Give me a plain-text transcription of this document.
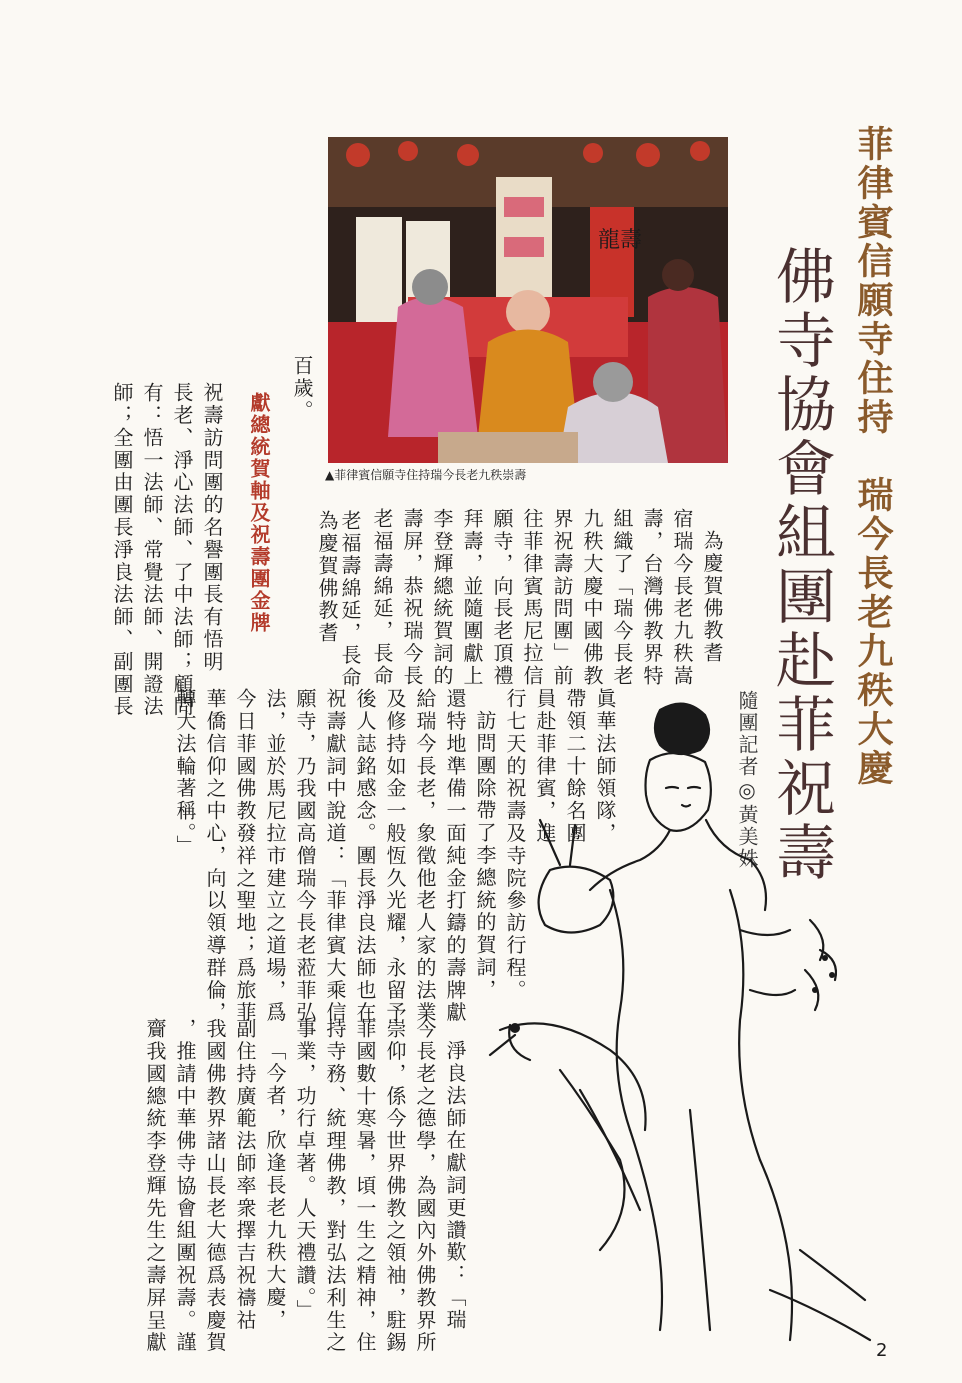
菲律賓信願寺住持　瑞今長老九秩大慶
佛寺協會組團赴菲祝壽
隨團記者◎黃美姝
龍壽
▲菲律賓信願寺住持瑞今長老九秩崇壽
為慶賀佛教耆 老福壽綿延，長命	為慶賀佛教耆
宿瑞今長老九秩嵩
壽，台灣佛教界特
組織了「瑞今長老
九秩大慶中國佛教
界祝壽訪問團」前
往菲律賓馬尼拉信
願寺，向長老頂禮
拜壽，並隨團獻上
李登輝總統賀詞的
壽屏，恭祝瑞今長
老福壽綿延，長命
百歲。
獻總統賀軸及祝壽團金牌
祝壽訪問團的名譽團長有悟明
長老、淨心法師、了中法師；顧問
有：悟一法師、常覺法師、開證法
師；全團由團長淨良法師、副團長
眞華法師領隊，
帶領二十餘名團
員赴菲律賓，進
行七天的祝壽及寺院參訪行程。
訪問團除帶了李總統的賀詞，
還特地準備一面純金打鑄的壽牌獻
給瑞今長老，象徵他老人家的法業
及修持如金一般恆久光耀，永留予
後人誌銘感念。團長淨良法師也在
祝壽獻詞中說道：「菲律賓大乘信
願寺，乃我國高僧瑞今長老蒞菲弘
法，並於馬尼拉市建立之道場，爲
今日菲國佛教發祥之聖地；爲旅菲
華僑信仰之中心，向以領導群倫，
轉大法輪著稱。」
淨良法師在獻詞更讚歎：「瑞
今長老之德學，為國內外佛教界所
崇仰，係今世界佛教之領袖，駐錫
菲國數十寒暑，頃一生之精神，住
持寺務、統理佛教，對弘法利生之
事業，功行卓著。人天禮讚。」
「今者，欣逢長老九秩大慶，
副住持廣範法師率衆擇吉祝禱祜
我國佛教界諸山長老大德爲表慶賀
，推請中華佛寺協會組團祝壽。謹
齎我國總統李登輝先生之壽屏呈獻	2
